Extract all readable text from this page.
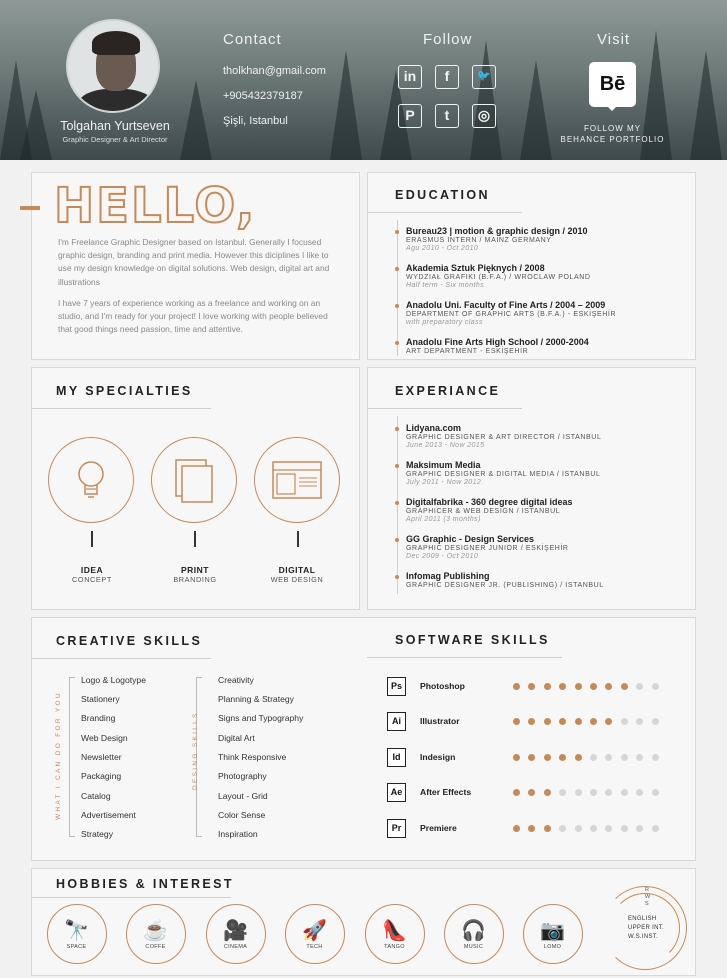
Tolgahan Yurtseven
Graphic Designer & Art Director
Contact	Follow	Visit
tholkhan@gmail.com
+905432379187
Şişli, Istanbul
in	f	🐦
P	t	◎
Bē
FOLLOW MY
BEHANCE PORTFOLIO
HELLO,
I'm Freelance Graphic Designer based on Istanbul. Generally I focused graphic design, branding and print media. However this diciplines I like to use my design knowledge on digital solutions. Web design, digital art and illustrations
I have 7 years of experience working as a freelance and working on an studio, and I'm ready for your project! I love working with people believed that good things need passion, time and attentive.
EDUCATION
Bureau23 | motion & graphic design / 2010
ERASMUS INTERN / MAINZ GERMANY
Agu 2010 - Oct 2010
Akademia Sztuk Pięknych / 2008
WYDZIAŁ GRAFIKI (B.F.A.) / WROCLAW POLAND
Half term - Six months
Anadolu Uni. Faculty of Fine Arts / 2004 – 2009
DEPARTMENT OF GRAPHIC ARTS (B.F.A.) - ESKİŞEHİR
with preparatory class
Anadolu Fine Arts High School / 2000-2004
ART DEPARTMENT - ESKİŞEHİR
MY SPECIALTIES
IDEA
CONCEPT
PRINT
BRANDING
DIGITAL
WEB DESIGN
EXPERIANCE
Lidyana.com
GRAPHIC DESIGNER & ART DIRECTOR / ISTANBUL
June 2013 - Now 2015
Maksimum Media
GRAPHIC DESIGNER & DIGITAL MEDIA / ISTANBUL
July 2011 - Now 2012
Digitalfabrika - 360 degree digital ideas
GRAPHICER & WEB DESIGN / ISTANBUL
April 2011 (3 months)
GG Graphic - Design Services
GRAPHIC DESIGNER JUNIOR / ESKİŞEHİR
Dec 2009 - Oct 2010
Infomag Publishing
GRAPHIC DESIGNER JR. (PUBLISHING) / ISTANBUL
CREATIVE SKILLS
WHAT I CAN DO FOR YOU
Logo & Logotype
Stationery
Branding
Web Design
Newsletter
Packaging
Catalog
Advertisement
Strategy
DESING SKILLS
Creativity
Planning & Strategy
Signs and Typography
Digital Art
Think Responsive
Photography
Layout - Grid
Color Sense
Inspiration
SOFTWARE SKILLS
Ps	Photoshop
Ai	Illustrator
Id	Indesign
Ae	After Effects
Pr	Premiere
HOBBIES & INTEREST
🔭
SPACE
☕
COFFE
🎥
CINEMA
🚀
TECH
👠
TANGO
🎧
MUSIC
📷
LOMO
R
W
S
ENGLISH
UPPER INT.
W.S.INST.
